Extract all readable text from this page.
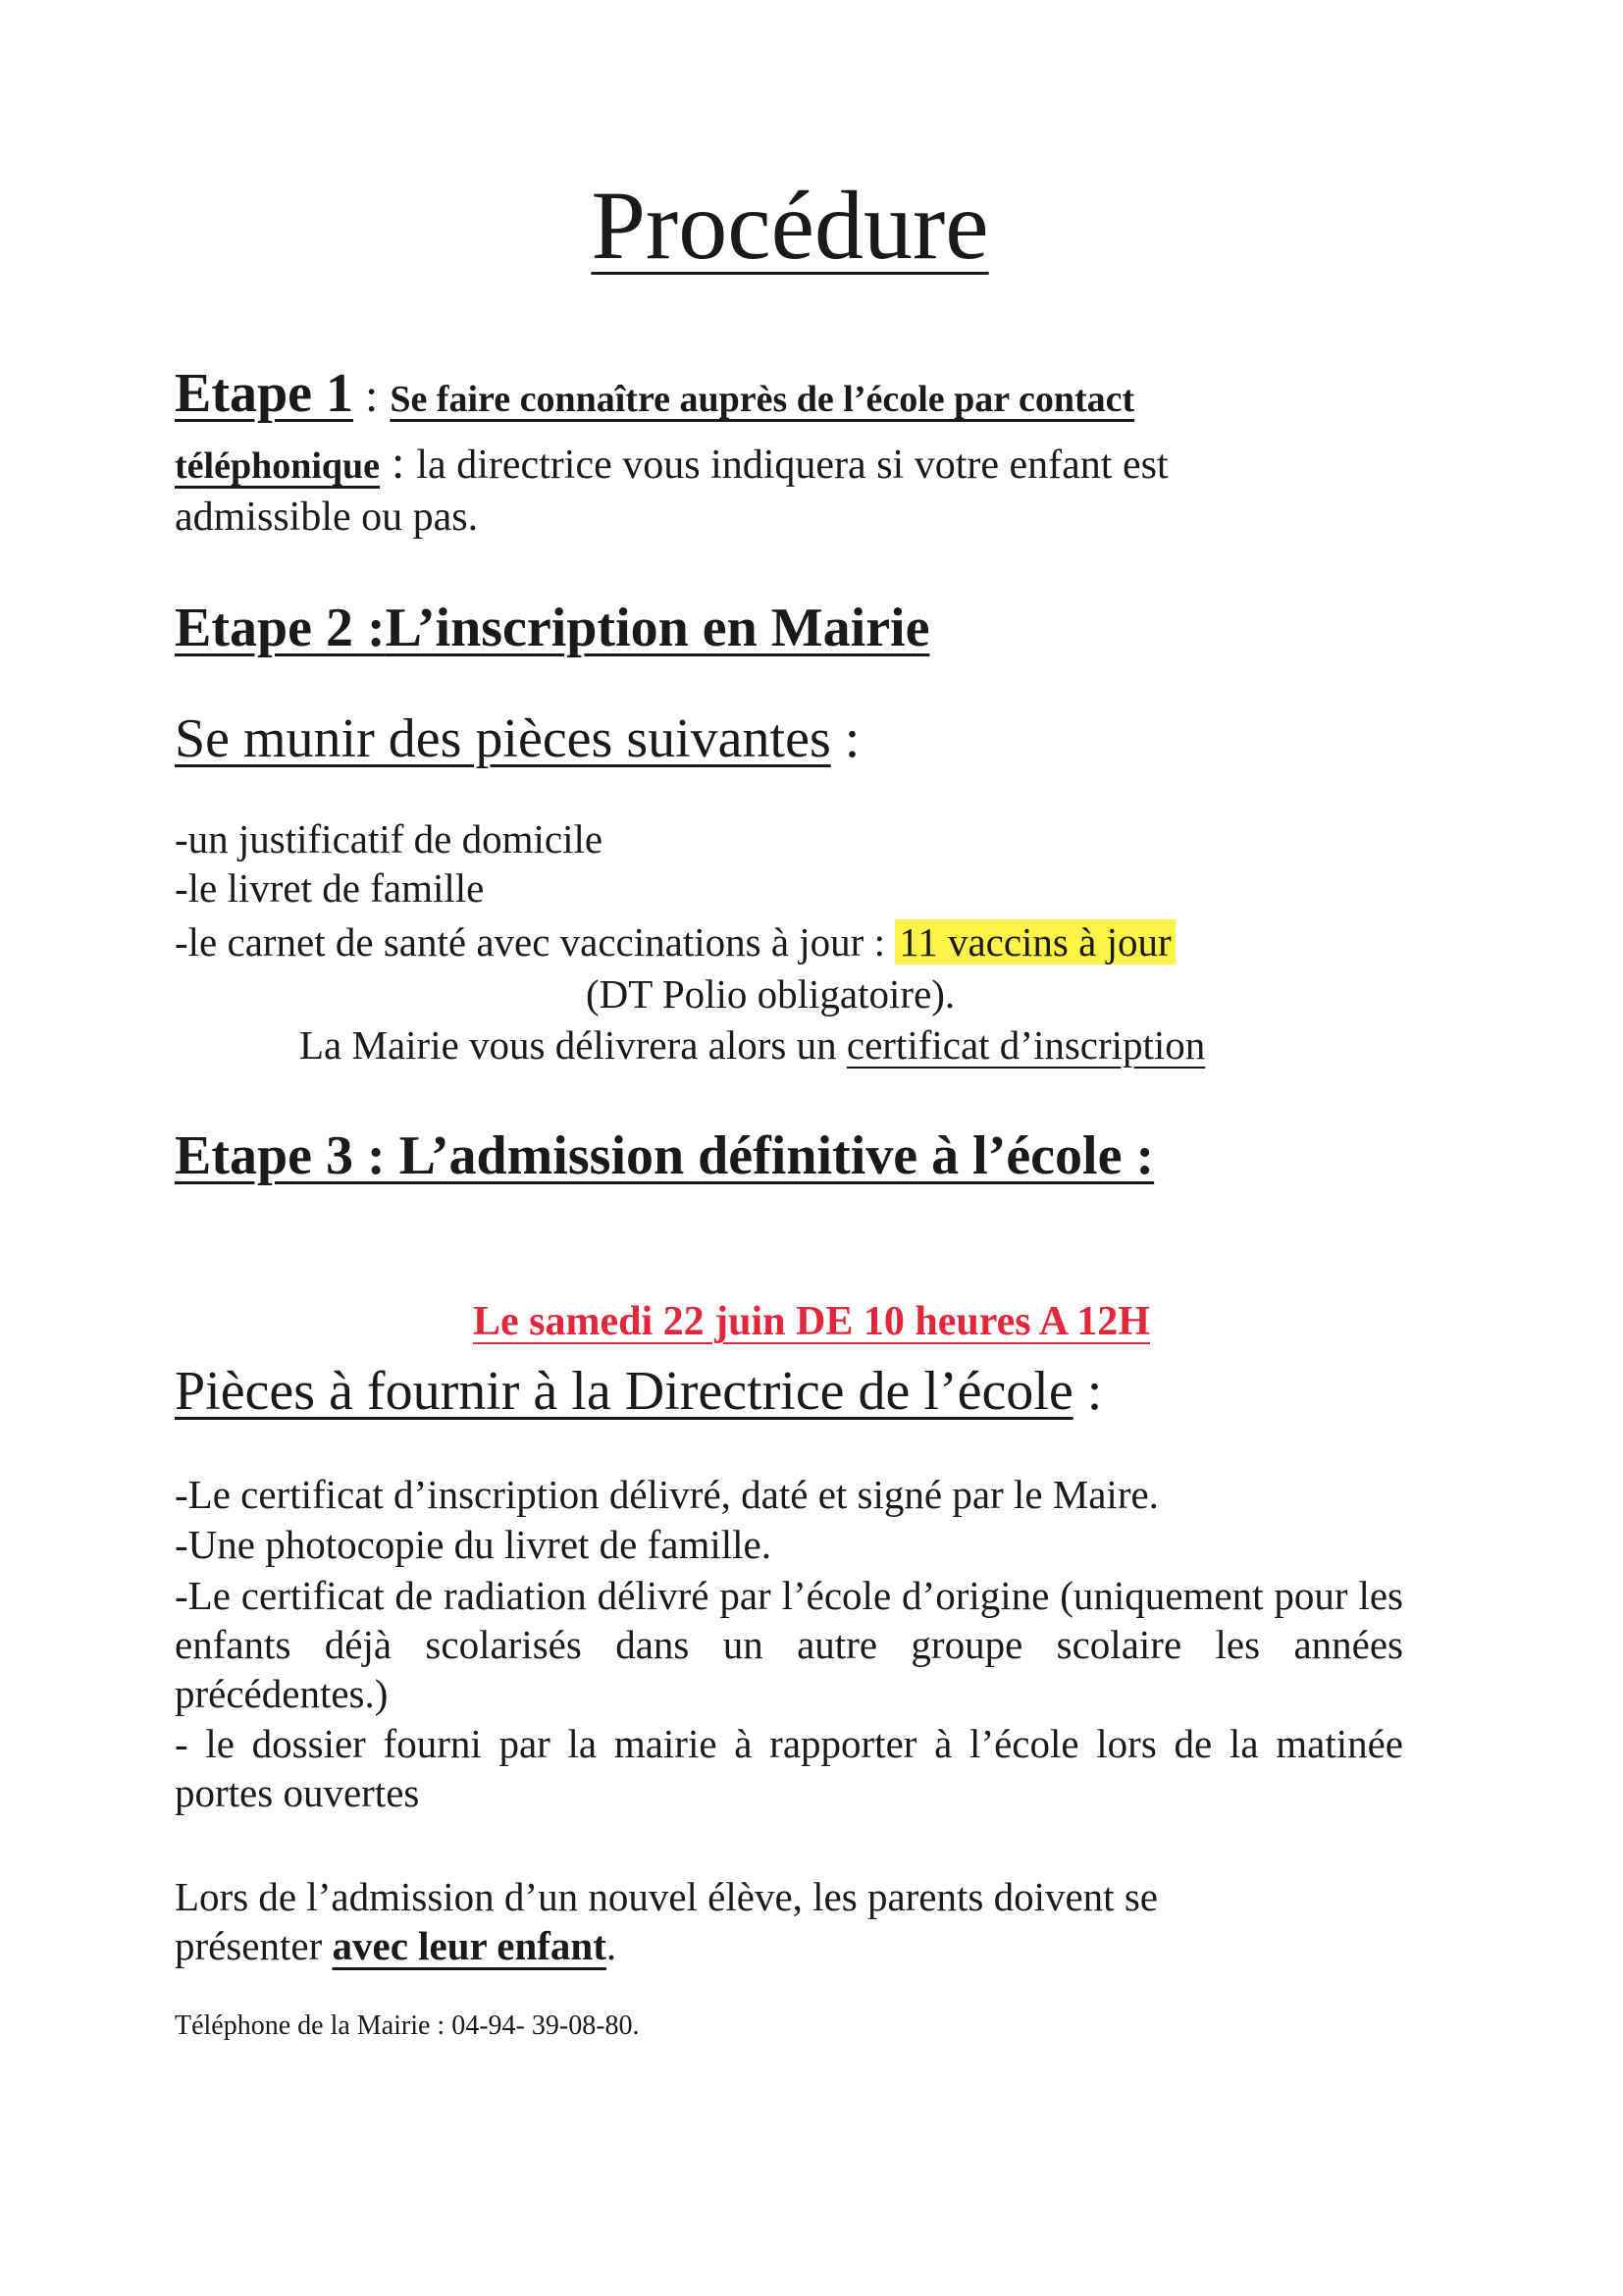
Procédure

Etape 1 : Se faire connaître auprès de l’école par contact

téléphonique : la directrice vous indiquera si votre enfant est

admissible ou pas.

Etape 2 :L’inscription en Mairie

Se munir des pièces suivantes :

-un justificatif de domicile

-le livret de famille

-le carnet de santé avec vaccinations à jour : 11 vaccins à jour

(DT Polio obligatoire).

La Mairie vous délivrera alors un certificat d’inscription

Etape 3 : L’admission définitive à l’école :

Le samedi 22 juin DE 10 heures A 12H

Pièces à fournir à la Directrice de l’école :

-Le certificat d’inscription délivré, daté et signé par le Maire.

-Une photocopie du livret de famille.

-Le certificat de radiation délivré par l’école d’origine (uniquement pour les enfants déjà scolarisés dans un autre groupe scolaire les années précédentes.)

- le dossier fourni par la mairie à rapporter à l’école lors de la matinée portes ouvertes

Lors de l’admission d’un nouvel élève, les parents doivent se

présenter avec leur enfant.

Téléphone de la Mairie : 04-94- 39-08-80.
